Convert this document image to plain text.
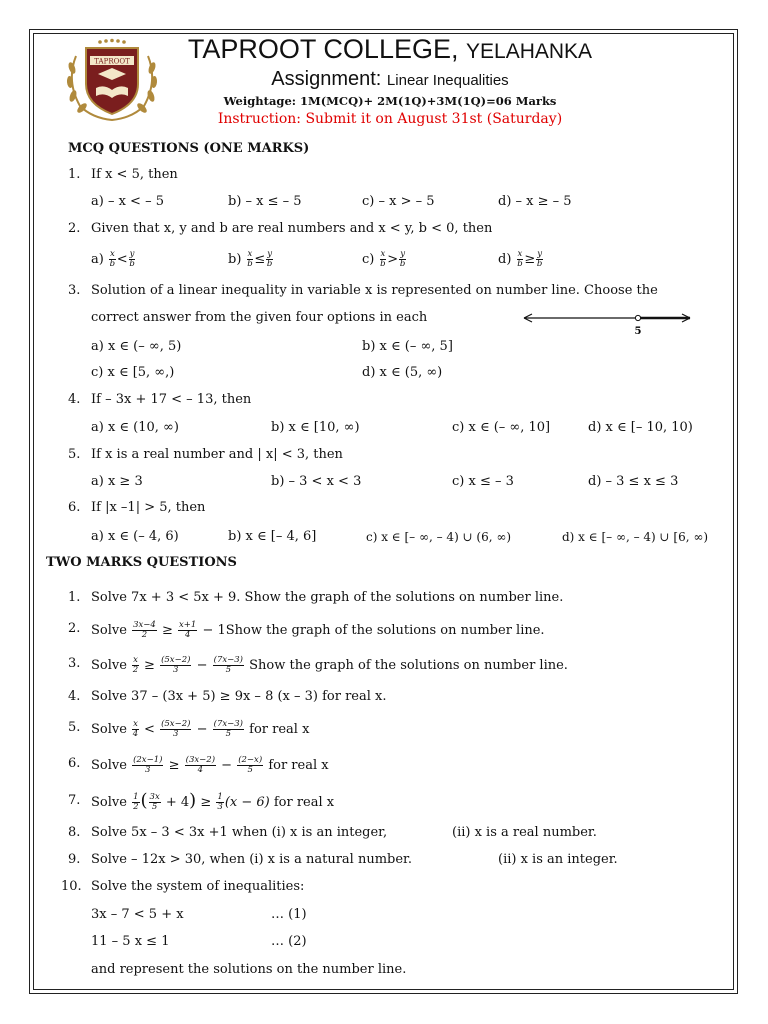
TAPROOT	TAPROOT COLLEGE, YELAHANKA
Assignment: Linear Inequalities
Weightage: 1M(MCQ)+ 2M(1Q)+3M(1Q)=06 Marks
Instruction: Submit it on August 31st (Saturday)
MCQ QUESTIONS (ONE MARKS)
1. If x < 5, then
a) – x < – 5	b) – x ≤ – 5	c) – x > – 5	d) – x ≥ – 5
2. Given that x, y and b are real numbers and x < y, b < 0, then
$a) \frac{x}{b} < \frac{y}{b}$	$b) \frac{x}{b} \le \frac{y}{b}$	$c) \frac{x}{b} > \frac{y}{b}$	$d) \frac{x}{b} \ge \frac{y}{b}$
3. Solution of a linear inequality in variable x is represented on number line. Choose the
correct answer from the given four options in each
5
a) x ∈ (– ∞, 5)	b) x ∈ (– ∞, 5]
c) x ∈ [5, ∞,)	d) x ∈ (5, ∞)
4. If – 3x + 17 < – 13, then
a) x ∈ (10, ∞)	b) x ∈ [10, ∞)	c) x ∈ (– ∞, 10]	d) x ∈ [– 10, 10)
5. If x is a real number and | x| < 3, then
a) x ≥ 3	b) – 3 < x < 3	c) x ≤ – 3	d) – 3 ≤ x ≤ 3
6. If |x –1| > 5, then
a) x ∈ (– 4, 6)	b) x ∈ [– 4, 6]	c) x ∈ [– ∞, – 4) ∪ (6, ∞)	d) x ∈ [– ∞, – 4) ∪ [6, ∞)
TWO MARKS QUESTIONS
1. Solve 7x + 3 < 5x + 9. Show the graph of the solutions on number line.
2. Solve $\frac{3x-4}{2} \ge \frac{x+1}{4}$ − 1Show the graph of the solutions on number line.
3. Solve $\frac{x}{2} \ge \frac{(5x-2)}{3} - \frac{(7x-3)}{5}$ Show the graph of the solutions on number line.
4. Solve 37 – (3x + 5) ≥ 9x – 8 (x – 3) for real x.
5. Solve $\frac{x}{4} < \frac{(5x-2)}{3} - \frac{(7x-3)}{5}$ for real x
6. Solve $\frac{(2x-1)}{3} \ge \frac{(3x-2)}{4} - \frac{(2-x)}{5}$ for real x
7. Solve $\frac{1}{2}$ ( $\frac{3x}{5} + 4) \ge \frac{1}{3} (x - 6)$ for real x
8. Solve 5x – 3 < 3x +1 when (i) x is an integer,	(ii) x is a real number.
9. Solve – 12x > 30, when (i) x is a natural number.	(ii) x is an integer.
10. Solve the system of inequalities:
3x – 7 < 5 + x	… (1)
11 – 5 x ≤ 1	… (2)
and represent the solutions on the number line.
